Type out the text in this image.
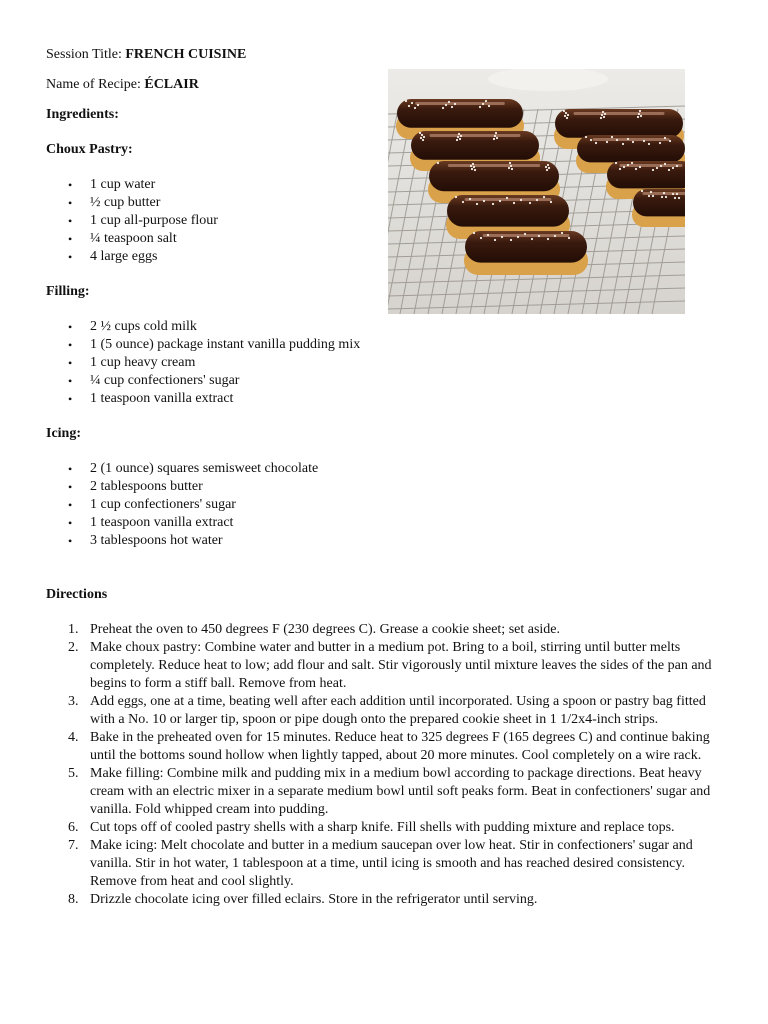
Session Title: FRENCH CUISINE

Name of Recipe: ÉCLAIR

Ingredients:

Choux Pastry:

• 1 cup water
• ½ cup butter
• 1 cup all-purpose flour
• ¼ teaspoon salt
• 4 large eggs

Filling:

• 2 ½ cups cold milk
• 1 (5 ounce) package instant vanilla pudding mix
• 1 cup heavy cream
• ¼ cup confectioners' sugar
• 1 teaspoon vanilla extract

Icing:

• 2 (1 ounce) squares semisweet chocolate
• 2 tablespoons butter
• 1 cup confectioners' sugar
• 1 teaspoon vanilla extract
• 3 tablespoons hot water

Directions

1. Preheat the oven to 450 degrees F (230 degrees C). Grease a cookie sheet; set aside.
2. Make choux pastry: Combine water and butter in a medium pot. Bring to a boil, stirring until butter melts completely. Reduce heat to low; add flour and salt. Stir vigorously until mixture leaves the sides of the pan and begins to form a stiff ball. Remove from heat.
3. Add eggs, one at a time, beating well after each addition until incorporated. Using a spoon or pastry bag fitted with a No. 10 or larger tip, spoon or pipe dough onto the prepared cookie sheet in 1 1/2x4-inch strips.
4. Bake in the preheated oven for 15 minutes. Reduce heat to 325 degrees F (165 degrees C) and continue baking until the bottoms sound hollow when lightly tapped, about 20 more minutes. Cool completely on a wire rack.
5. Make filling: Combine milk and pudding mix in a medium bowl according to package directions. Beat heavy cream with an electric mixer in a separate medium bowl until soft peaks form. Beat in confectioners' sugar and vanilla. Fold whipped cream into pudding.
6. Cut tops off of cooled pastry shells with a sharp knife. Fill shells with pudding mixture and replace tops.
7. Make icing: Melt chocolate and butter in a medium saucepan over low heat. Stir in confectioners' sugar and vanilla. Stir in hot water, 1 tablespoon at a time, until icing is smooth and has reached desired consistency. Remove from heat and cool slightly.
8. Drizzle chocolate icing over filled eclairs. Store in the refrigerator until serving.
